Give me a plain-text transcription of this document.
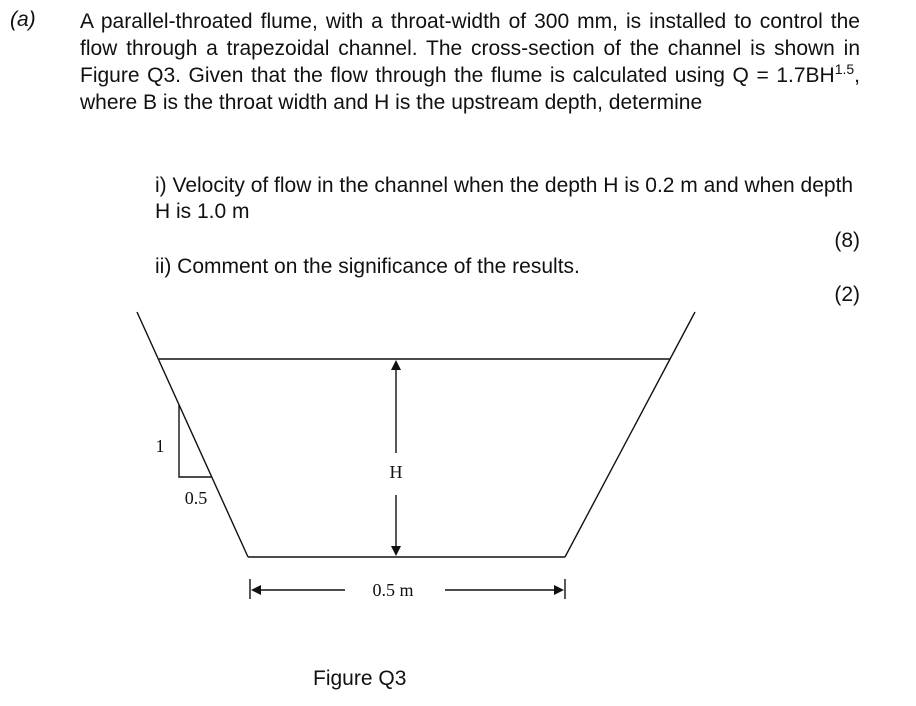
(a) A parallel-throated flume, with a throat-width of 300 mm, is installed to control the flow through a trapezoidal channel. The cross-section of the channel is shown in Figure Q3. Given that the flow through the flume is calculated using $Q = 1.7BH^{1.5}$, where B is the throat width and H is the upstream depth, determine
i) Velocity of flow in the channel when the depth H is 0.2 m and when depth H is 1.0 m
(8)
ii) Comment on the significance of the results.
(2)
H
1
0.5
0.5 m
Figure Q3
